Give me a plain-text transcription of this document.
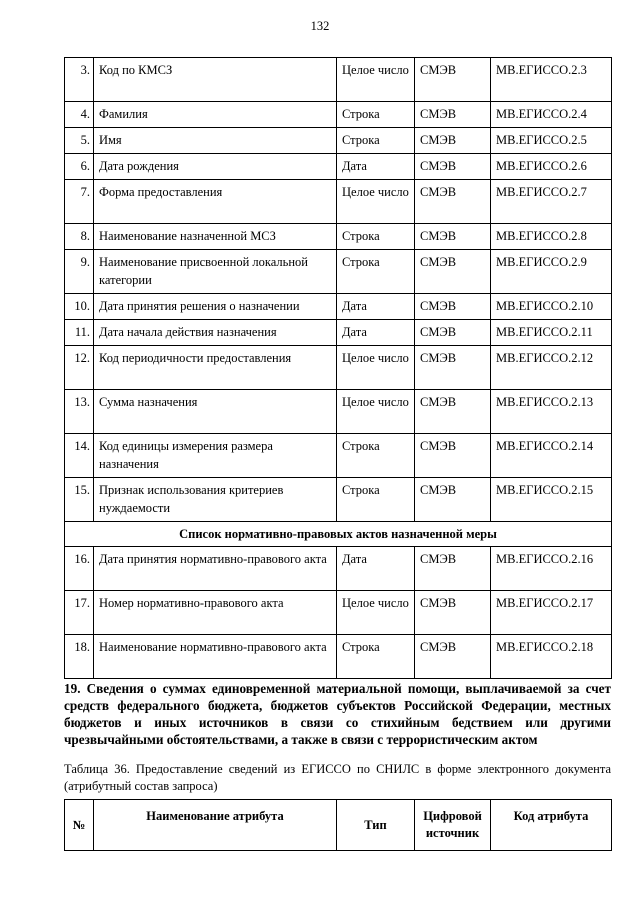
132
3.	Код по КМСЗ	Целое число	СМЭВ	МВ.ЕГИССО.2.3
4.	Фамилия	Строка	СМЭВ	МВ.ЕГИССО.2.4
5.	Имя	Строка	СМЭВ	МВ.ЕГИССО.2.5
6.	Дата рождения	Дата	СМЭВ	МВ.ЕГИССО.2.6
7.	Форма предоставления	Целое число	СМЭВ	МВ.ЕГИССО.2.7
8.	Наименование назначенной МСЗ	Строка	СМЭВ	МВ.ЕГИССО.2.8
9.	Наименование присвоенной локальной категории	Строка	СМЭВ	МВ.ЕГИССО.2.9
10.	Дата принятия решения о назначении	Дата	СМЭВ	МВ.ЕГИССО.2.10
11.	Дата начала действия назначения	Дата	СМЭВ	МВ.ЕГИССО.2.11
12.	Код периодичности предоставления	Целое число	СМЭВ	МВ.ЕГИССО.2.12
13.	Сумма назначения	Целое число	СМЭВ	МВ.ЕГИССО.2.13
14.	Код единицы измерения размера назначения	Строка	СМЭВ	МВ.ЕГИССО.2.14
15.	Признак использования критериев нуждаемости	Строка	СМЭВ	МВ.ЕГИССО.2.15
Список нормативно-правовых актов назначенной меры				
16.	Дата принятия нормативно-правового акта	Дата	СМЭВ	МВ.ЕГИССО.2.16
17.	Номер нормативно-правового акта	Целое число	СМЭВ	МВ.ЕГИССО.2.17
18.	Наименование нормативно-правового акта	Строка	СМЭВ	МВ.ЕГИССО.2.18
19. Сведения о суммах единовременной материальной помощи, выплачиваемой за счет средств федерального бюджета, бюджетов субъектов Российской Федерации, местных бюджетов и иных источников в связи со стихийным бедствием или другими чрезвычайными обстоятельствами, а также в связи с террористическим актом
Таблица 36. Предоставление сведений из ЕГИССО по СНИЛС в форме электронного документа (атрибутный состав запроса)
№	Наименование атрибута	Тип	Цифровой источник	Код атрибута
